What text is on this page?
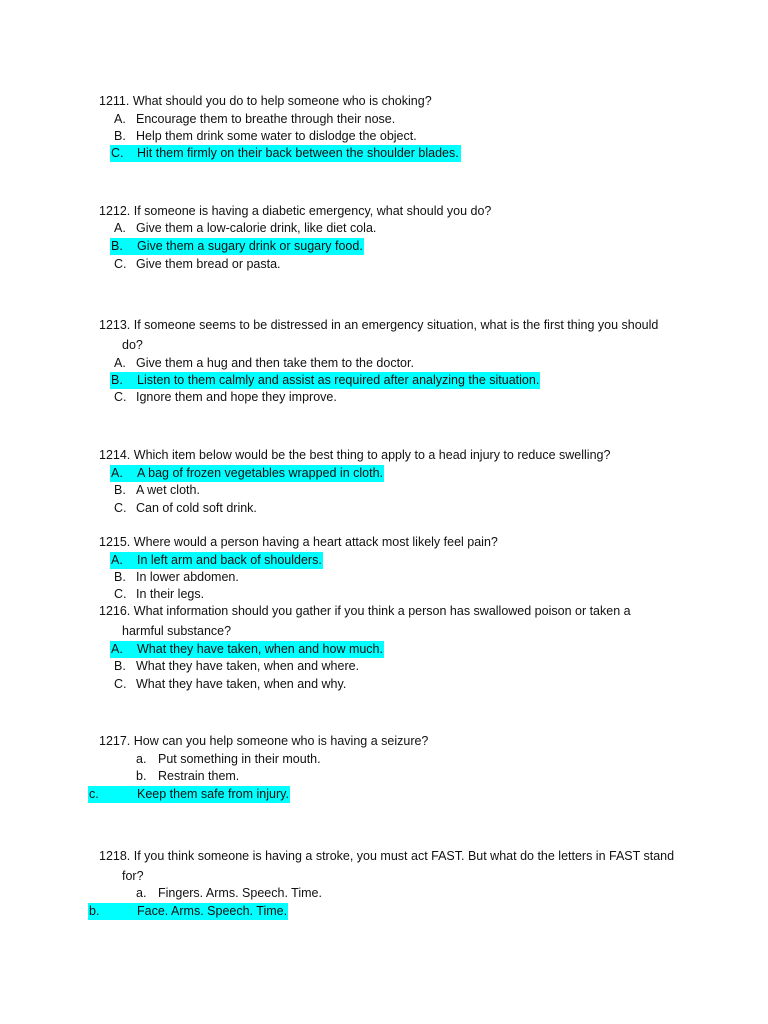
1211. What should you do to help someone who is choking?
A. Encourage them to breathe through their nose.
B. Help them drink some water to dislodge the object.
C. Hit them firmly on their back between the shoulder blades.
1212. If someone is having a diabetic emergency, what should you do?
A. Give them a low-calorie drink, like diet cola.
B. Give them a sugary drink or sugary food.
C. Give them bread or pasta.
1213. If someone seems to be distressed in an emergency situation, what is the first thing you should
do?
A. Give them a hug and then take them to the doctor.
B. Listen to them calmly and assist as required after analyzing the situation.
C. Ignore them and hope they improve.
1214. Which item below would be the best thing to apply to a head injury to reduce swelling?
A. A bag of frozen vegetables wrapped in cloth.
B. A wet cloth.
C. Can of cold soft drink.
1215. Where would a person having a heart attack most likely feel pain?
A. In left arm and back of shoulders.
B. In lower abdomen.
C. In their legs.
1216. What information should you gather if you think a person has swallowed poison or taken a
harmful substance?
A. What they have taken, when and how much.
B. What they have taken, when and where.
C. What they have taken, when and why.
1217. How can you help someone who is having a seizure?
a. Put something in their mouth.
b. Restrain them.
c.	Keep them safe from injury.
1218. If you think someone is having a stroke, you must act FAST. But what do the letters in FAST stand
for?
a. Fingers. Arms. Speech. Time.
b.	Face. Arms. Speech. Time.
